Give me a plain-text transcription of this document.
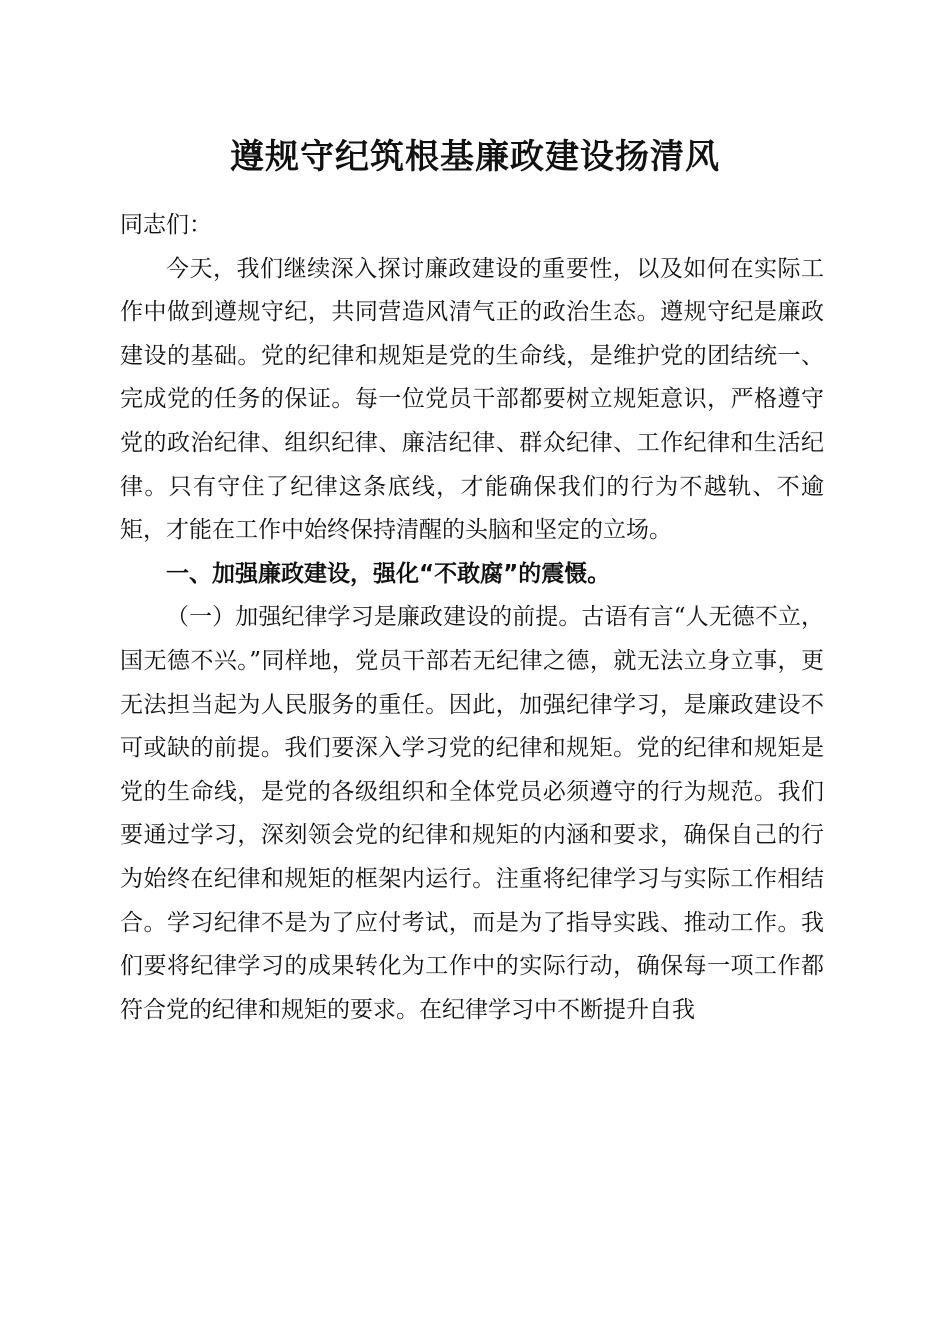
遵规守纪筑根基廉政建设扬清风

同志们：

今天，我们继续深入探讨廉政建设的重要性，以及如何在实际工作中做到遵规守纪，共同营造风清气正的政治生态。遵规守纪是廉政建设的基础。党的纪律和规矩是党的生命线，是维护党的团结统一、完成党的任务的保证。每一位党员干部都要树立规矩意识，严格遵守党的政治纪律、组织纪律、廉洁纪律、群众纪律、工作纪律和生活纪律。只有守住了纪律这条底线，才能确保我们的行为不越轨、不逾矩，才能在工作中始终保持清醒的头脑和坚定的立场。

一、加强廉政建设，强化“不敢腐”的震慑。

（一）加强纪律学习是廉政建设的前提。古语有言“人无德不立，国无德不兴。”同样地，党员干部若无纪律之德，就无法立身立事，更无法担当起为人民服务的重任。因此，加强纪律学习，是廉政建设不可或缺的前提。我们要深入学习党的纪律和规矩。党的纪律和规矩是党的生命线，是党的各级组织和全体党员必须遵守的行为规范。我们要通过学习，深刻领会党的纪律和规矩的内涵和要求，确保自己的行为始终在纪律和规矩的框架内运行。注重将纪律学习与实际工作相结合。学习纪律不是为了应付考试，而是为了指导实践、推动工作。我们要将纪律学习的成果转化为工作中的实际行动，确保每一项工作都符合党的纪律和规矩的要求。在纪律学习中不断提升自我
